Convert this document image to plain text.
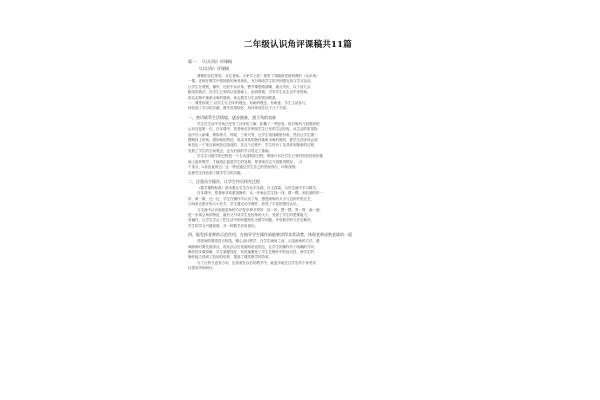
二年级认识角评课稿共11篇
篇一：《认识角》评课稿
《认识角》评课稿

尊敬的各位领导、各位老师，大家早上好！我听了郑晓莉老师执教的《认识角》

一课，老师在教学中把抽象的角具体化，充分调动学生的多种感官参与学习活动，

让学生在观察、操作、比较中认识角，整节课思路清晰，重点突出，以下谈几点

粗浅的看法，在学生已有的认知基础上，创设情境，引导学生从生活中发现角，

再从实物中抽象出角的图形，体会数学与生活的密切联系。

一、课堂体现了'以学生为主体'的理念，有新的理念，有新意，学生主动参与，

体验到了学习的乐趣，教学效果较好，具体体现在以下几个方面。

一、密切联系生活情境，逐步抽象，建立角的表象

学生在生活中对角已经有了初步的了解，积累了一些经验，但对角的几何图形的

认识还是第一次，在本课中，郑老师首先利用学生已有的生活经验，从生活的常见物

品中引入新课，例如剪刀、钟面、三角尺等，让学生找找哪里有角，然后让学生摸一

摸物体上的角，感知角的特征，再由具体的物体抽象出角的图形，使学生初步体会到

角是由一个顶点和两条边组成的，在这个过程中，学生经历了从具体到抽象的过程，

发展了学生的空间观念，也为后续的学习奠定了基础。

学生学习数学的过程是一个主动建构的过程，教师只有在学生已有的知识经验的基

础上组织教学，才能真正促进学生的发展，郑老师在这方面做得很好。（1

个顶点、2条直直的边）这一特征通过学生自己的发现得出，印象深刻。

也使学生体验到了数学学习的乐趣。

二、注重动手操作，让学生经历探究过程

《数学课程标准》指出要让学生在动手实践、自主探索、合作交流中学习数学。

在本课中，郑老师非常重视操作，从一开始让学生找一找、摸一摸，到后面的折一

折、做一做、比一比，学生在操作中认识了角，感受到角的大小与边的长短无关，

与两条边张开的大小有关，学生通过动手操作，获得了丰富的感性认识。

与交流中认识到创造角的方法是多种多样的：折一折、摆一摆、剪一剪、画一画，

进一步体会角的特征，最后又引导学生比较角的大小，发展了学生的思维能力，

普遍性，让学生学会了把生活中的问题转化为数学问题，并用数学的方法去解决，

学生的学习兴趣高涨，对一种数学应用意识。

四、能发挥老师的示范作用，在指导学生操作前能够讲得非常清楚，体现老师成熟老练的一面

郑老师的课堂语言规范、精心设计教学，在学生画角之前，示范画角的方法，强

调画角时要先画顶点，再从顶点出发画两条直的边，让学生的操作有了明确的方向，

操作的步骤清晰，学生掌握得好，有效地避免了学生在操作中的盲目性，使学生的

操作能力得到了较好的培养，提高了课堂教学的效率。

为了让努力更有方向，也希望在以后的教学中，能更多地关注学生的个体差异，

以供参考和研讨。
